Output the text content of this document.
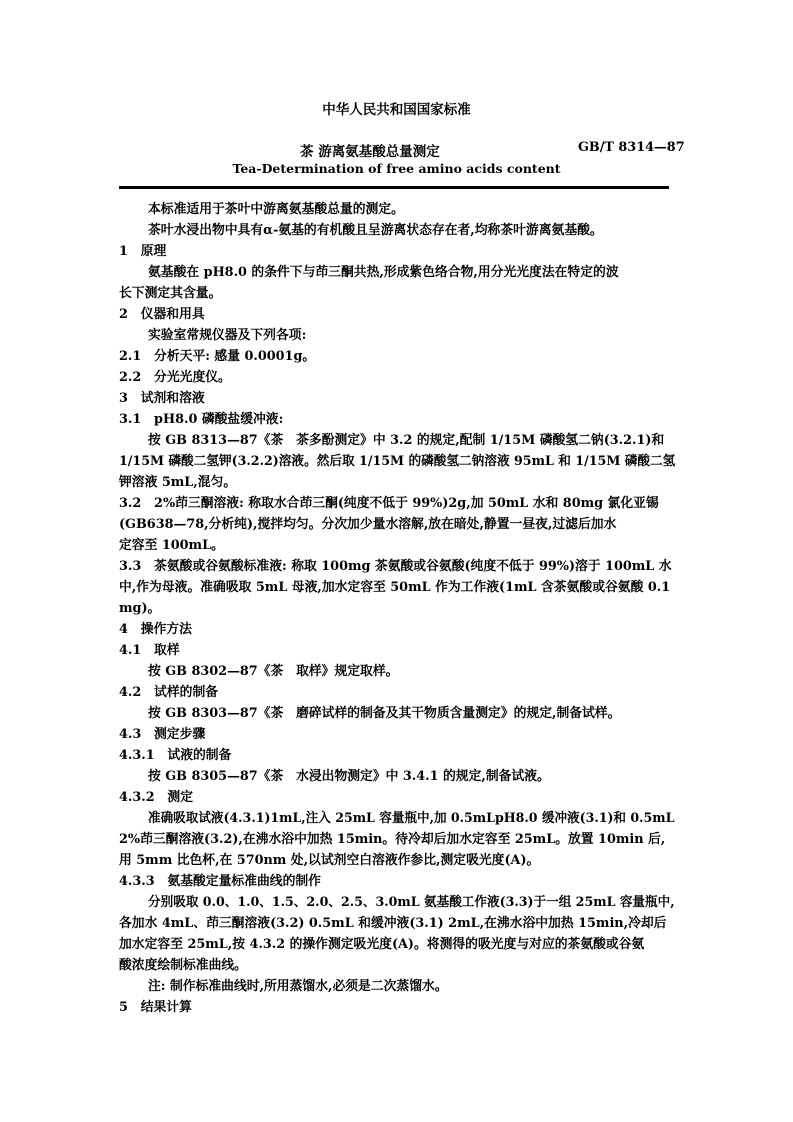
中华人民共和国国家标准
茶 游离氨基酸总量测定	GB/T 8314—87
Tea-Determination of free amino acids content
本标准适用于茶叶中游离氨基酸总量的测定。
茶叶水浸出物中具有α-氨基的有机酸且呈游离状态存在者,均称茶叶游离氨基酸。
1　原理
氨基酸在 pH8.0 的条件下与茚三酮共热,形成紫色络合物,用分光光度法在特定的波
长下测定其含量。
2　仪器和用具
实验室常规仪器及下列各项:
2.1　分析天平: 感量 0.0001g。
2.2　分光光度仪。
3　试剂和溶液
3.1　pH8.0 磷酸盐缓冲液:
按 GB 8313—87《茶　茶多酚测定》中 3.2 的规定,配制 1/15M 磷酸氢二钠(3.2.1)和
1/15M 磷酸二氢钾(3.2.2)溶液。然后取 1/15M 的磷酸氢二钠溶液 95mL 和 1/15M 磷酸二氢
钾溶液 5mL,混匀。
3.2　2%茚三酮溶液: 称取水合茚三酮(纯度不低于 99%)2g,加 50mL 水和 80mg 氯化亚锡
(GB638—78,分析纯),搅拌均匀。分次加少量水溶解,放在暗处,静置一昼夜,过滤后加水
定容至 100mL。
3.3　茶氨酸或谷氨酸标准液: 称取 100mg 茶氨酸或谷氨酸(纯度不低于 99%)溶于 100mL 水
中,作为母液。准确吸取 5mL 母液,加水定容至 50mL 作为工作液(1mL 含茶氨酸或谷氨酸 0.1
mg)。
4　操作方法
4.1　取样
按 GB 8302—87《茶　取样》规定取样。
4.2　试样的制备
按 GB 8303—87《茶　磨碎试样的制备及其干物质含量测定》的规定,制备试样。
4.3　测定步骤
4.3.1　试液的制备
按 GB 8305—87《茶　水浸出物测定》中 3.4.1 的规定,制备试液。
4.3.2　测定
准确吸取试液(4.3.1)1mL,注入 25mL 容量瓶中,加 0.5mLpH8.0 缓冲液(3.1)和 0.5mL
2%茚三酮溶液(3.2),在沸水浴中加热 15min。待冷却后加水定容至 25mL。放置 10min 后,
用 5mm 比色杯,在 570nm 处,以试剂空白溶液作参比,测定吸光度(A)。
4.3.3　氨基酸定量标准曲线的制作
分别吸取 0.0、1.0、1.5、2.0、2.5、3.0mL 氨基酸工作液(3.3)于一组 25mL 容量瓶中,
各加水 4mL、茚三酮溶液(3.2) 0.5mL 和缓冲液(3.1) 2mL,在沸水浴中加热 15min,冷却后
加水定容至 25mL,按 4.3.2 的操作测定吸光度(A)。将测得的吸光度与对应的茶氨酸或谷氨
酸浓度绘制标准曲线。
注: 制作标准曲线时,所用蒸馏水,必须是二次蒸馏水。
5　结果计算
